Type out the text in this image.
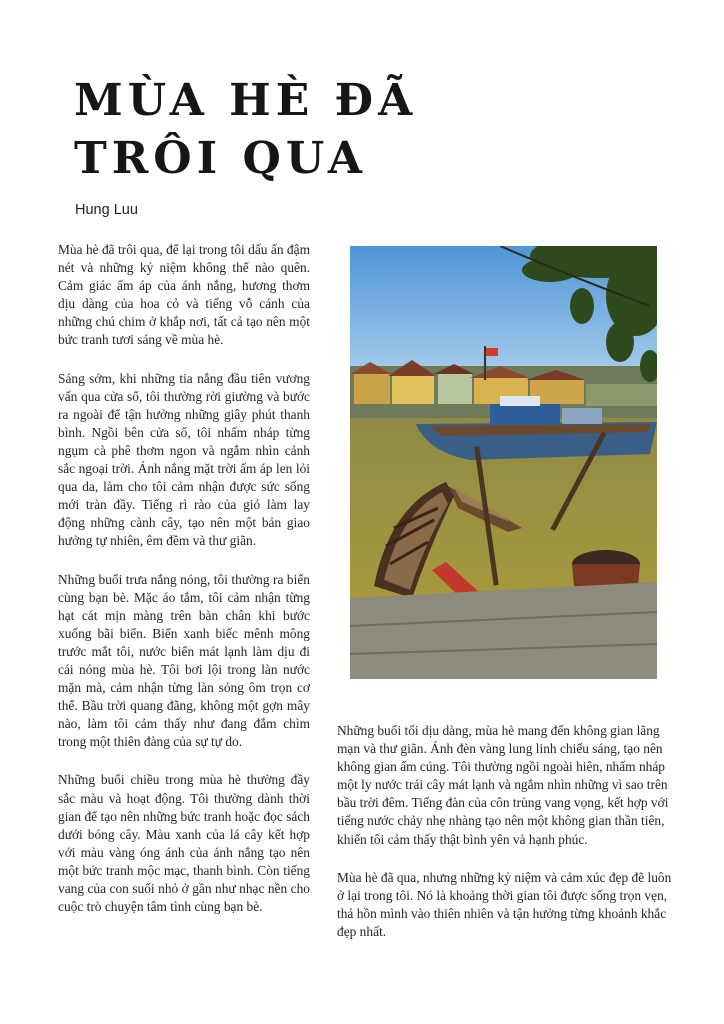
MÙA HÈ ĐÃ
TRÔI QUA
Hung Luu

Mùa hè đã trôi qua, để lại trong tôi dấu ấn đậm nét và những kỷ niệm không thể nào quên. Cảm giác ấm áp của ánh nắng, hương thơm dịu dàng của hoa cỏ và tiếng vỗ cánh của những chú chim ở khắp nơi, tất cả tạo nên một bức tranh tươi sáng về mùa hè.

Sáng sớm, khi những tia nắng đầu tiên vương vấn qua cửa sổ, tôi thường rời giường và bước ra ngoài để tận hưởng những giây phút thanh bình. Ngồi bên cửa sổ, tôi nhấm nháp từng ngụm cà phê thơm ngon và ngắm nhìn cảnh sắc ngoại trời. Ánh nắng mặt trời ấm áp len lỏi qua da, làm cho tôi cảm nhận được sức sống mới tràn đầy. Tiếng rì rào của gió làm lay động những cành cây, tạo nên một bản giao hưởng tự nhiên, êm đềm và thư giãn.

Những buổi trưa nắng nóng, tôi thường ra biển cùng bạn bè. Mặc áo tắm, tôi cảm nhận từng hạt cát mịn màng trên bàn chân khi bước xuống bãi biển. Biển xanh biếc mênh mông trước mắt tôi, nước biển mát lạnh làm dịu đi cái nóng mùa hè. Tôi bơi lội trong làn nước mặn mà, cảm nhận từng làn sóng ôm trọn cơ thể. Bầu trời quang đãng, không một gợn mây nào, làm tôi cảm thấy như đang đắm chìm trong một thiên đàng của sự tự do.

Những buổi chiều trong mùa hè thường đầy sắc màu và hoạt động. Tôi thường dành thời gian để tạo nên những bức tranh hoặc đọc sách dưới bóng cây. Màu xanh của lá cây kết hợp với màu vàng óng ánh của ánh nắng tạo nên một bức tranh mộc mạc, thanh bình. Còn tiếng vang của con suối nhỏ ở gần như nhạc nền cho cuộc trò chuyện tâm tình cùng bạn bè.

Những buổi tối dịu dàng, mùa hè mang đến không gian lãng mạn và thư giãn. Ánh đèn vàng lung linh chiếu sáng, tạo nên không gian ấm cúng. Tôi thường ngồi ngoài hiên, nhấm nháp một ly nước trái cây mát lạnh và ngắm nhìn những vì sao trên bầu trời đêm. Tiếng đàn của côn trùng vang vọng, kết hợp với tiếng nước chảy nhẹ nhàng tạo nên một không gian thần tiên, khiến tôi cảm thấy thật bình yên và hạnh phúc.

Mùa hè đã qua, nhưng những kỷ niệm và cảm xúc đẹp đẽ luôn ở lại trong tôi. Nó là khoảng thời gian tôi được sống trọn vẹn, thả hồn mình vào thiên nhiên và tận hưởng từng khoảnh khắc đẹp nhất.
